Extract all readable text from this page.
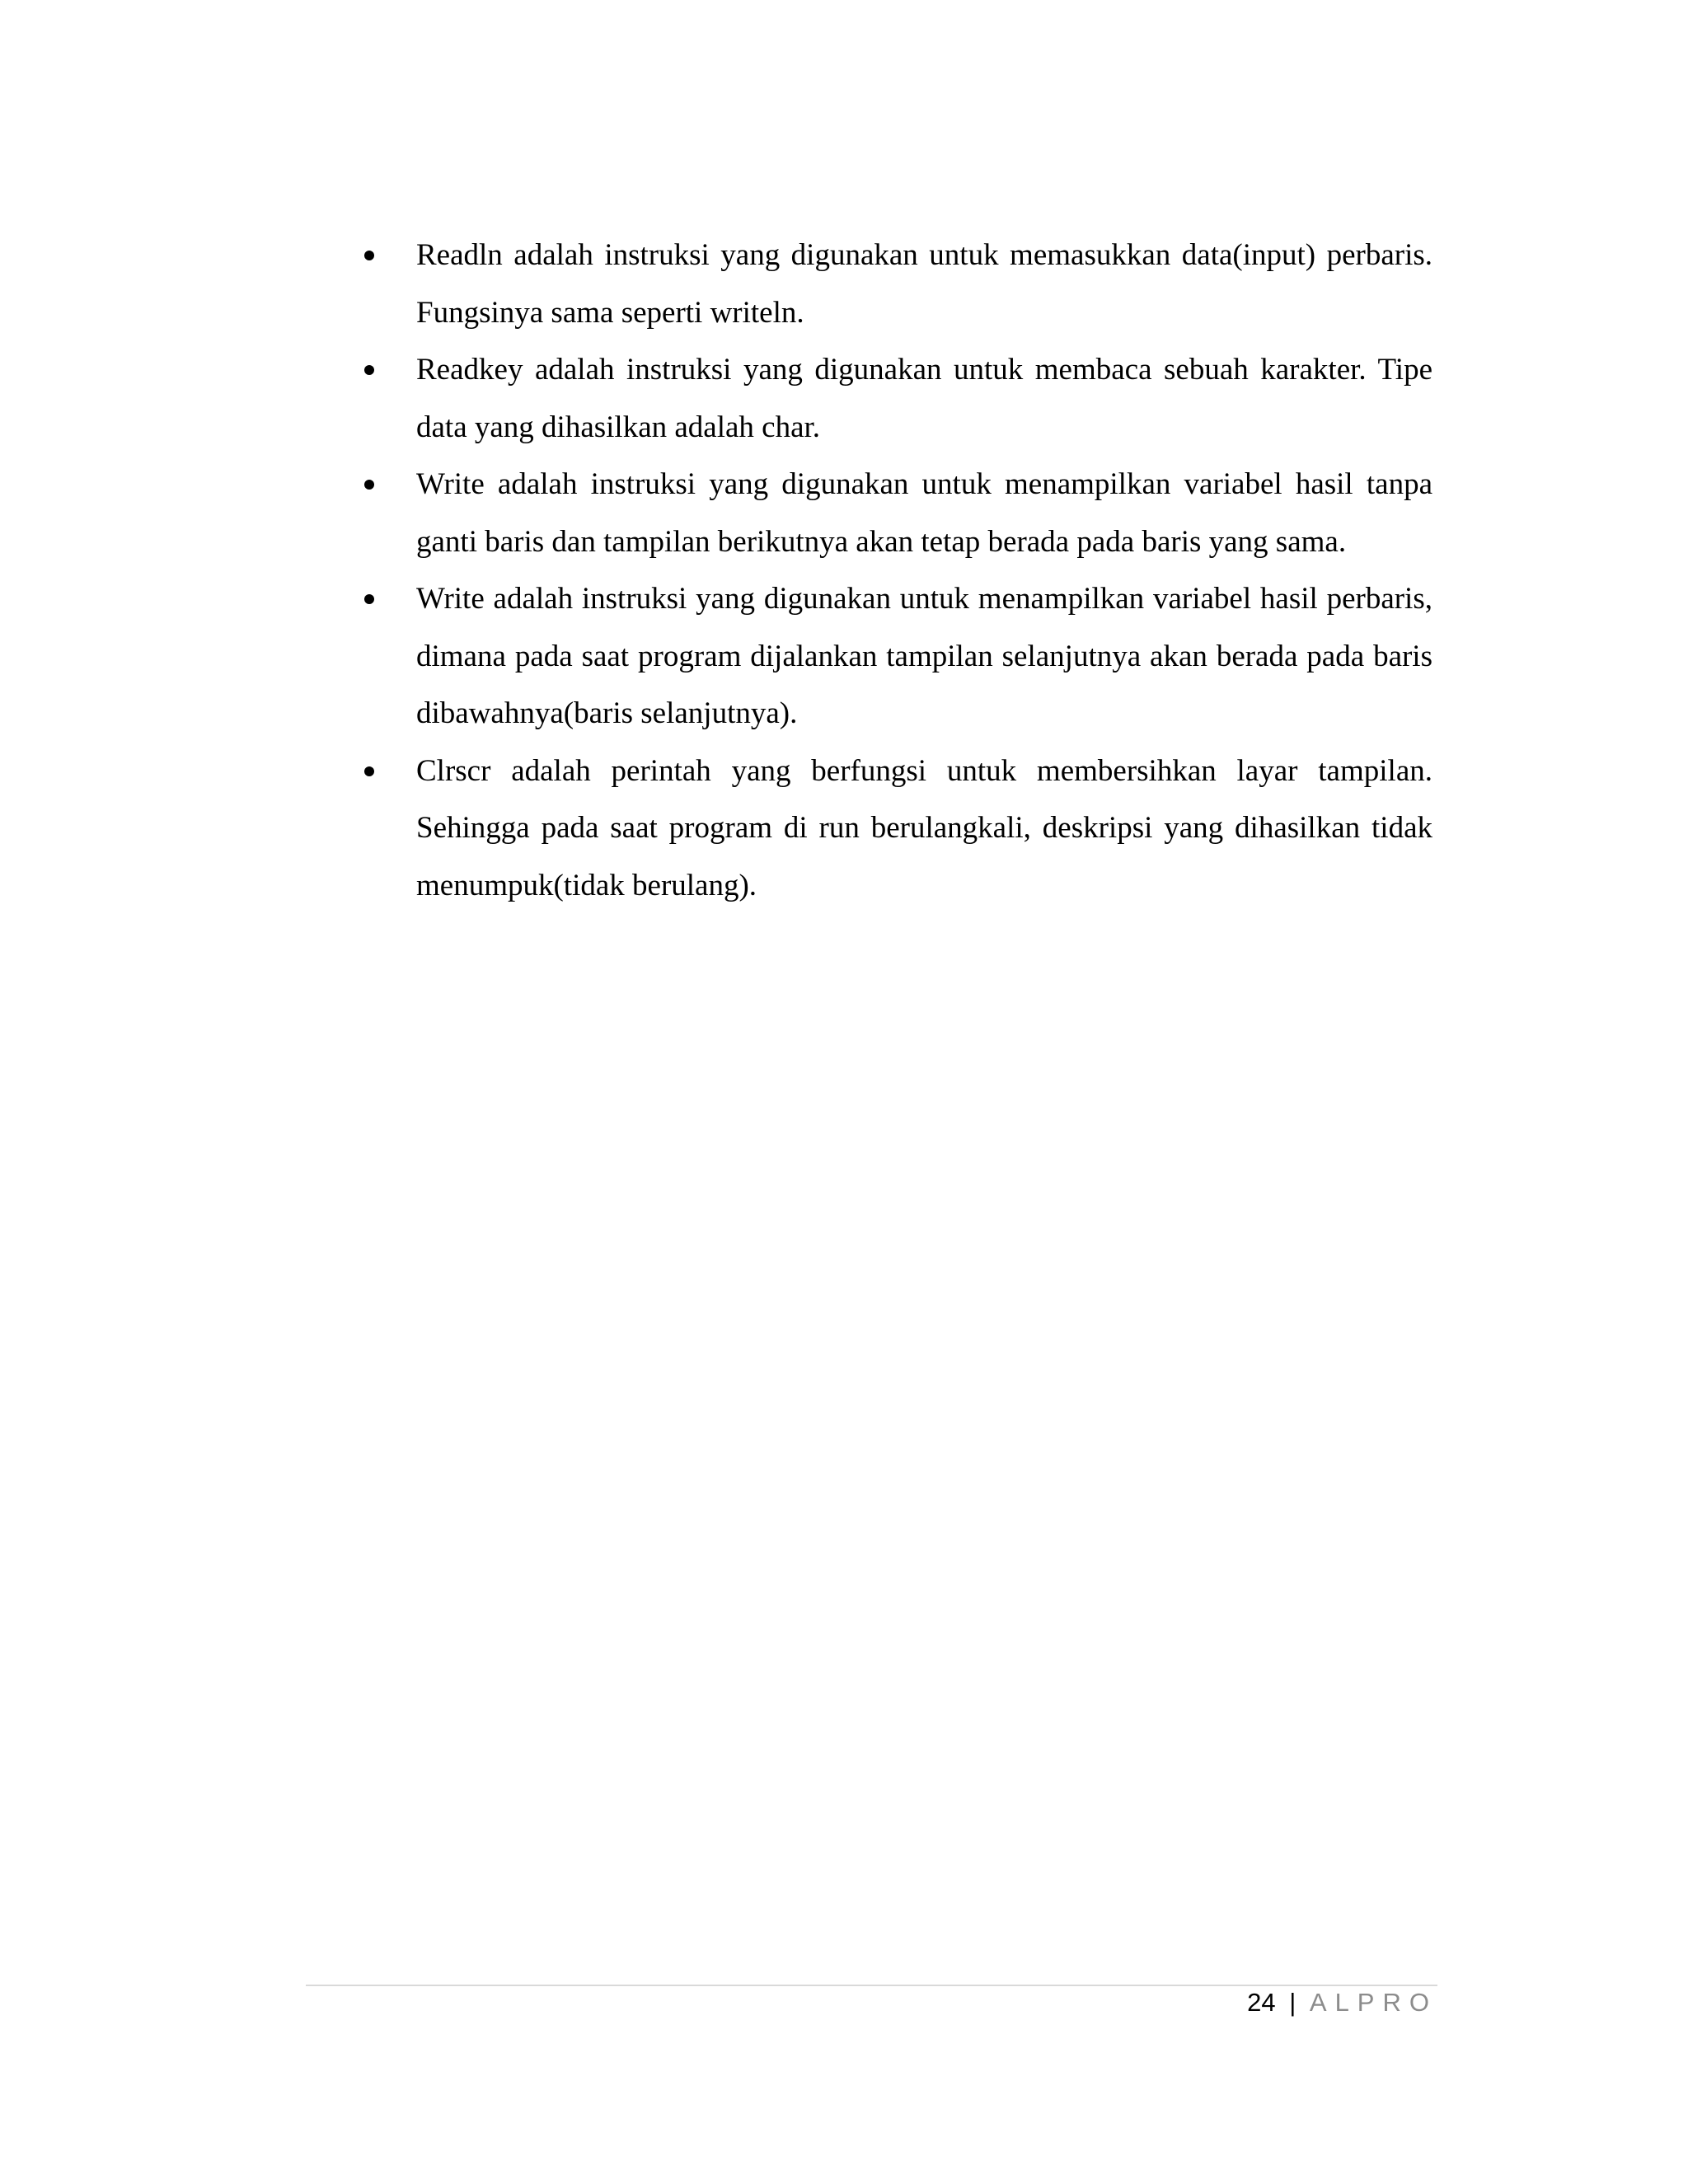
Readln adalah instruksi yang digunakan untuk memasukkan data(input) perbaris. Fungsinya sama seperti writeln.
Readkey adalah instruksi yang digunakan untuk membaca sebuah karakter. Tipe data yang dihasilkan adalah char.
Write adalah instruksi yang digunakan untuk menampilkan variabel hasil tanpa ganti baris dan tampilan berikutnya akan tetap berada pada baris yang sama.
Write adalah instruksi yang digunakan untuk menampilkan variabel hasil perbaris, dimana pada saat program dijalankan tampilan selanjutnya akan berada pada baris dibawahnya(baris selanjutnya).
Clrscr adalah perintah yang berfungsi untuk membersihkan layar tampilan. Sehingga pada saat program di run berulangkali, deskripsi yang dihasilkan tidak menumpuk(tidak berulang).
24 | ALPRO
